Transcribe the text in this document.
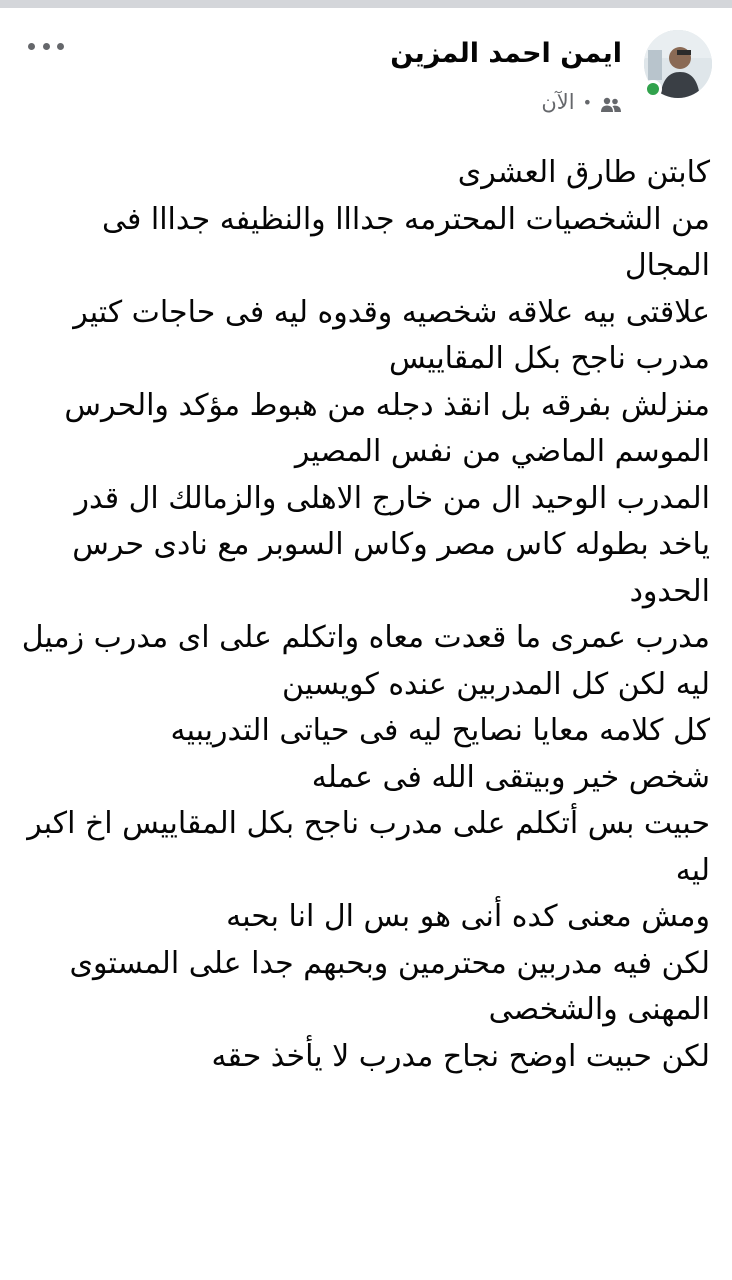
ايمن احمد المزين
الآن •

كابتن طارق العشرى

من الشخصيات المحترمه جدااا والنظيفه جدااا فى المجال

علاقتى بيه علاقه شخصيه وقدوه ليه فى حاجات كتير

مدرب ناجح بكل المقاييس

منزلش بفرقه بل انقذ دجله من هبوط مؤكد والحرس الموسم الماضي من نفس المصير

المدرب الوحيد ال من خارج الاهلى والزمالك ال قدر ياخد بطوله كاس مصر وكاس السوبر مع نادى حرس الحدود

مدرب عمرى ما قعدت معاه واتكلم على اى مدرب زميل ليه لكن كل المدربين عنده كويسين

كل كلامه معايا نصايح ليه فى حياتى التدريبيه

شخص خير وبيتقى الله فى عمله

حبيت بس أتكلم على مدرب ناجح بكل المقاييس اخ اكبر ليه

ومش معنى كده أنى هو بس ال انا بحبه

لكن فيه مدربين محترمين وبحبهم جدا على المستوى المهنى والشخصى

لكن حبيت اوضح نجاح مدرب لا يأخذ حقه
